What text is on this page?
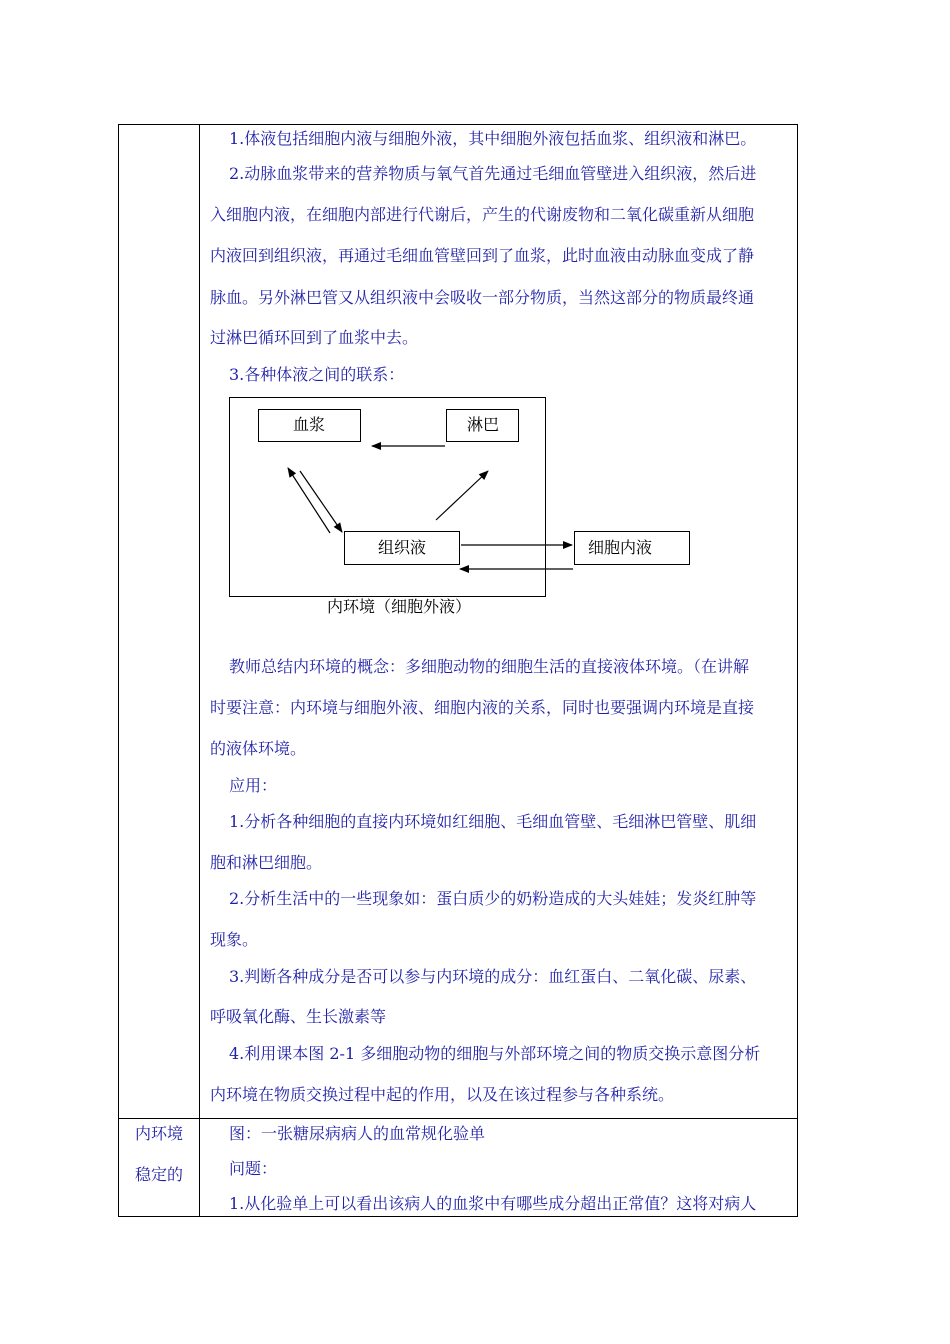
1.体液包括细胞内液与细胞外液，其中细胞外液包括血浆、组织液和淋巴。
2.动脉血浆带来的营养物质与氧气首先通过毛细血管壁进入组织液，然后进
入细胞内液，在细胞内部进行代谢后，产生的代谢废物和二氧化碳重新从细胞
内液回到组织液，再通过毛细血管壁回到了血浆，此时血液由动脉血变成了静
脉血。另外淋巴管又从组织液中会吸收一部分物质，当然这部分的物质最终通
过淋巴循环回到了血浆中去。
3.各种体液之间的联系：
血浆	淋巴
组织液	细胞内液
内环境（细胞外液）
教师总结内环境的概念：多细胞动物的细胞生活的直接液体环境。（在讲解
时要注意：内环境与细胞外液、细胞内液的关系，同时也要强调内环境是直接
的液体环境。
应用：
1.分析各种细胞的直接内环境如红细胞、毛细血管壁、毛细淋巴管壁、肌细
胞和淋巴细胞。
2.分析生活中的一些现象如：蛋白质少的奶粉造成的大头娃娃；发炎红肿等
现象。
3.判断各种成分是否可以参与内环境的成分：血红蛋白、二氧化碳、尿素、
呼吸氧化酶、生长激素等
4.利用课本图 2-1 多细胞动物的细胞与外部环境之间的物质交换示意图分析
内环境在物质交换过程中起的作用，以及在该过程参与各种系统。
内环境
稳定的
图：一张糖尿病病人的血常规化验单
问题：
1.从化验单上可以看出该病人的血浆中有哪些成分超出正常值？这将对病人
